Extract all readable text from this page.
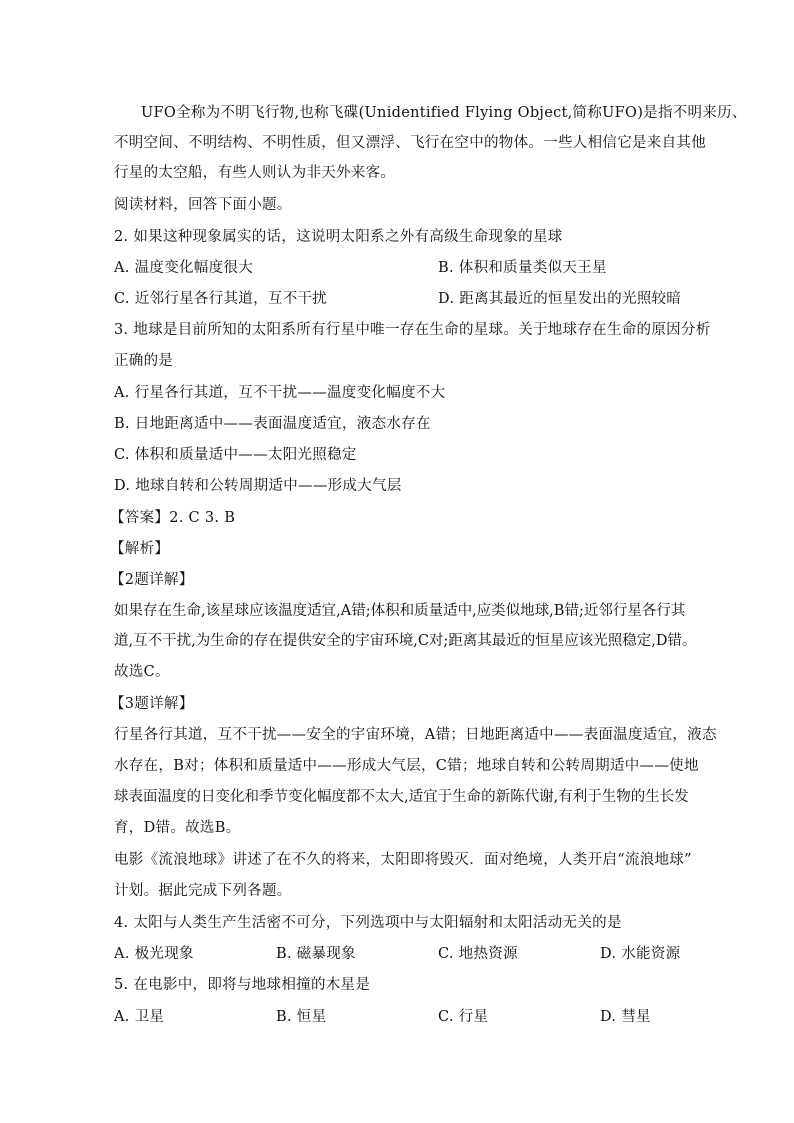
UFO全称为不明飞行物,也称飞碟(Unidentified Flying Object,简称UFO)是指不明来历、
不明空间、不明结构、不明性质，但又漂浮、飞行在空中的物体。一些人相信它是来自其他
行星的太空船，有些人则认为非天外来客。
阅读材料，回答下面小题。
2. 如果这种现象属实的话，这说明太阳系之外有高级生命现象的星球
A. 温度变化幅度很大	B. 体积和质量类似天王星
C. 近邻行星各行其道，互不干扰	D. 距离其最近的恒星发出的光照较暗
3. 地球是目前所知的太阳系所有行星中唯一存在生命的星球。关于地球存在生命的原因分析
正确的是
A. 行星各行其道，互不干扰——温度变化幅度不大
B. 日地距离适中——表面温度适宜，液态水存在
C. 体积和质量适中——太阳光照稳定
D. 地球自转和公转周期适中——形成大气层
【答案】2. C 3. B
【解析】
【2题详解】
如果存在生命,该星球应该温度适宜,A错;体积和质量适中,应类似地球,B错;近邻行星各行其
道,互不干扰,为生命的存在提供安全的宇宙环境,C对;距离其最近的恒星应该光照稳定,D错。
故选C。
【3题详解】
行星各行其道，互不干扰——安全的宇宙环境，A错；日地距离适中——表面温度适宜，液态
水存在，B对；体积和质量适中——形成大气层，C错；地球自转和公转周期适中——使地
球表面温度的日变化和季节变化幅度都不太大,适宜于生命的新陈代谢,有利于生物的生长发
育，D错。故选B。
电影《流浪地球》讲述了在不久的将来，太阳即将毁灭．面对绝境，人类开启“流浪地球”
计划。据此完成下列各题。
4. 太阳与人类生产生活密不可分，下列选项中与太阳辐射和太阳活动无关的是
A. 极光现象	B. 磁暴现象	C. 地热资源	D. 水能资源
5. 在电影中，即将与地球相撞的木星是
A. 卫星	B. 恒星	C. 行星	D. 彗星
